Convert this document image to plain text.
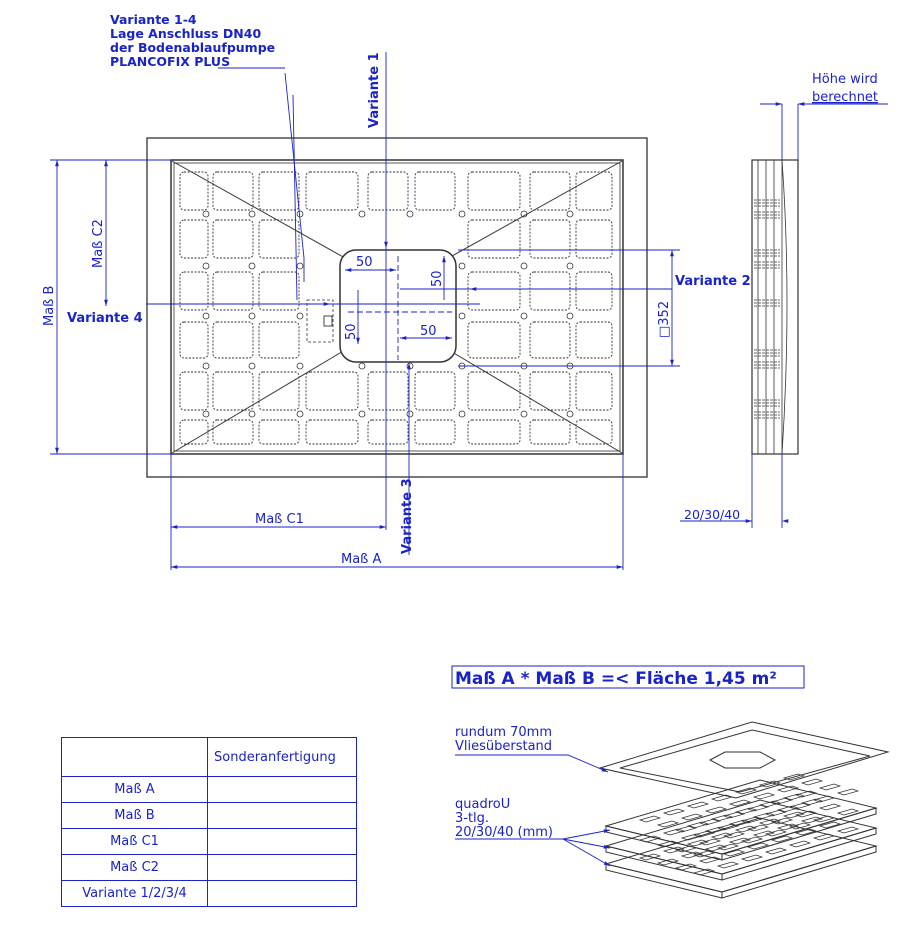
Variante 1-4
Lage Anschluss DN40
der Bodenablaufpumpe
PLANCOFIX PLUS	Variante 1
Variante 2
Variante 3
Variante 4
Höhe wird
berechnet
Maß B
Maß C2
Maß C1
Maß A
50
50
50	50	□352
20/30/40
Maß A * Maß B =< Fläche 1,45 m²
rundum 70mm
Vliesüberstand
quadroU
3-tlg.
20/30/40 (mm)
	Sonderanfertigung
Maß A	
Maß B	
Maß C1	
Maß C2	
Variante 1/2/3/4	
